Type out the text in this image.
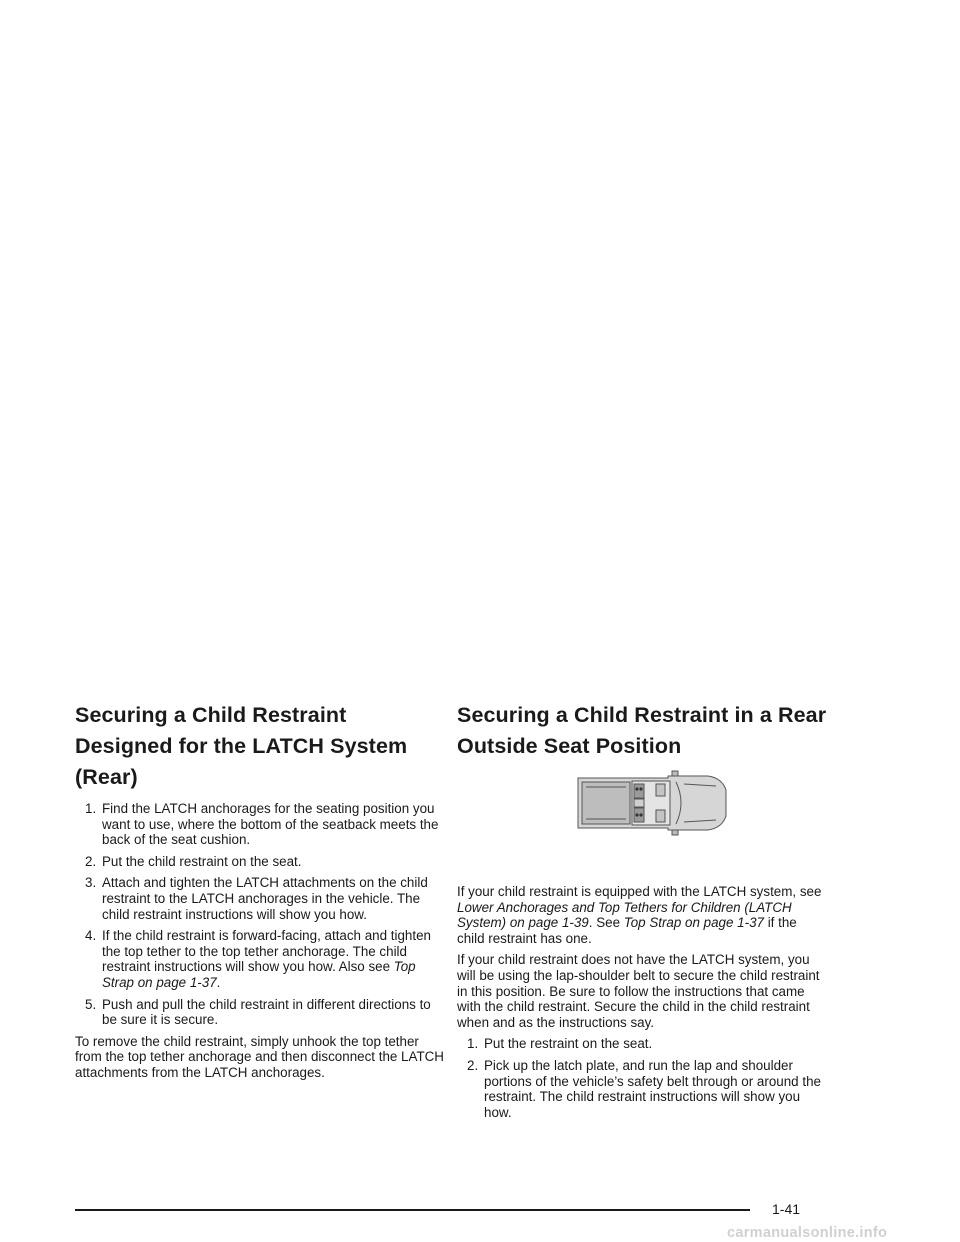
Securing a Child Restraint Designed for the LATCH System (Rear)
1. Find the LATCH anchorages for the seating position you want to use, where the bottom of the seatback meets the back of the seat cushion.
2. Put the child restraint on the seat.
3. Attach and tighten the LATCH attachments on the child restraint to the LATCH anchorages in the vehicle. The child restraint instructions will show you how.
4. If the child restraint is forward-facing, attach and tighten the top tether to the top tether anchorage. The child restraint instructions will show you how. Also see Top Strap on page 1-37.
5. Push and pull the child restraint in different directions to be sure it is secure.

To remove the child restraint, simply unhook the top tether from the top tether anchorage and then disconnect the LATCH attachments from the LATCH anchorages.

Securing a Child Restraint in a Rear Outside Seat Position

If your child restraint is equipped with the LATCH system, see Lower Anchorages and Top Tethers for Children (LATCH System) on page 1-39. See Top Strap on page 1-37 if the child restraint has one.

If your child restraint does not have the LATCH system, you will be using the lap-shoulder belt to secure the child restraint in this position. Be sure to follow the instructions that came with the child restraint. Secure the child in the child restraint when and as the instructions say.

1. Put the restraint on the seat.
2. Pick up the latch plate, and run the lap and shoulder portions of the vehicle’s safety belt through or around the restraint. The child restraint instructions will show you how.
1-41
carmanualsonline.info
